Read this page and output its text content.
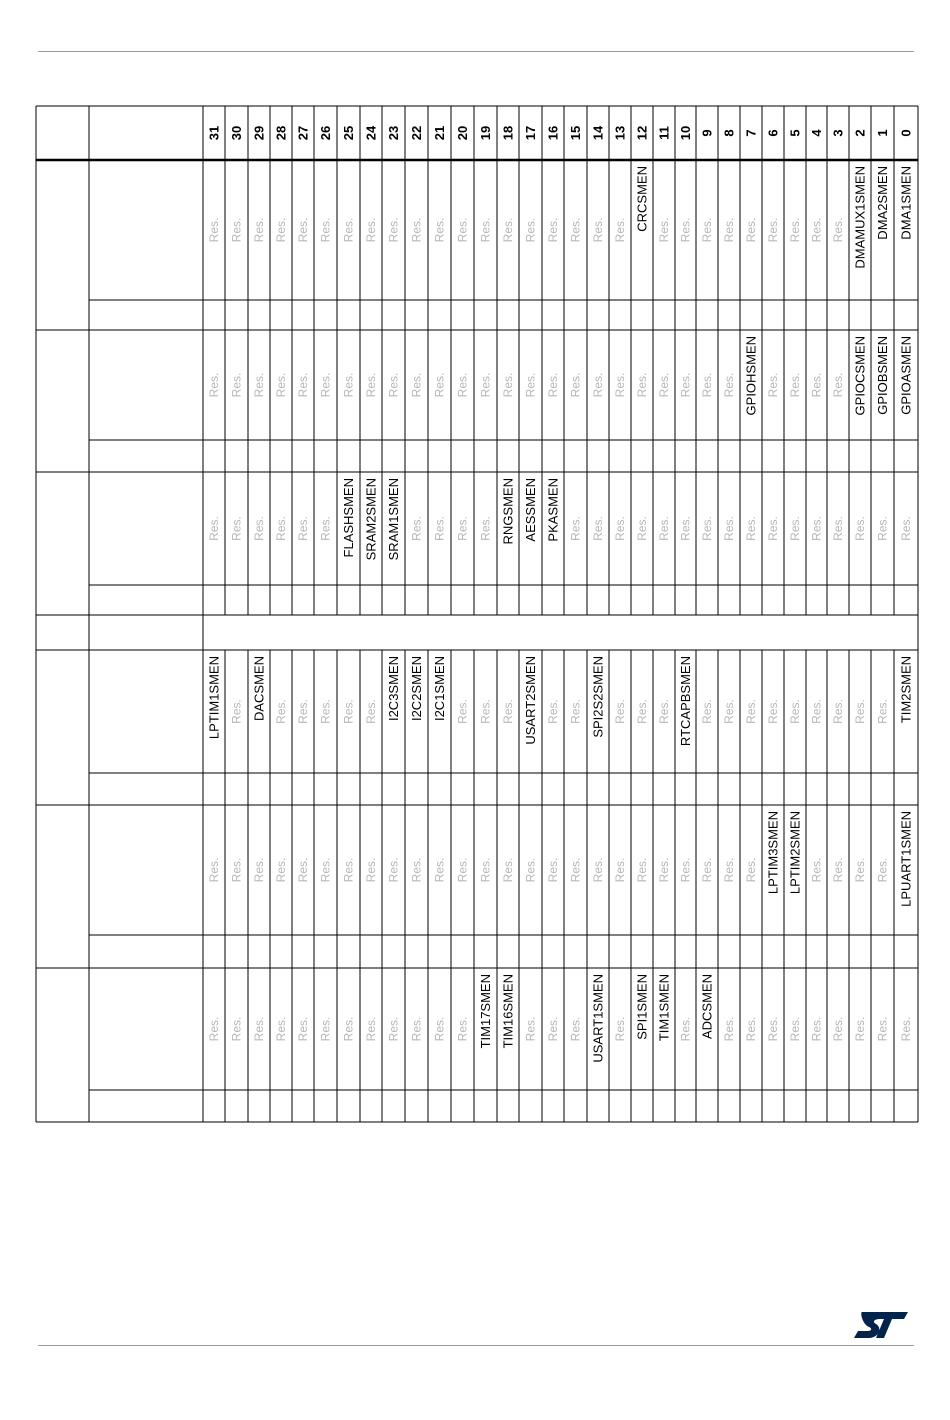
31 30 29 28 27 26 25 24 23 22 21 20 19 18 17 16 15 14 13 12 11 10 9 8 7 6 5 4 3 2 1 0
Res. Res. Res. Res. Res. Res. Res. Res. Res. Res. Res. Res. Res. Res. Res. Res. Res. Res. Res. CRCSMEN Res. Res. Res. Res. Res. Res. Res. Res. Res. DMAMUX1SMEN DMA2SMEN DMA1SMEN
Res. Res. Res. Res. Res. Res. Res. Res. Res. Res. Res. Res. Res. Res. Res. Res. Res. Res. Res. Res. Res. Res. Res. Res. GPIOHSMEN Res. Res. Res. Res. GPIOCSMEN GPIOBSMEN GPIOASMEN
Res. Res. Res. Res. Res. Res. FLASHSMEN SRAM2SMEN SRAM1SMEN Res. Res. Res. Res. RNGSMEN AESSMEN PKASMEN Res. Res. Res. Res. Res. Res. Res. Res. Res. Res. Res. Res. Res. Res. Res. Res.
LPTIM1SMEN Res. DACSMEN Res. Res. Res. Res. Res. I2C3SMEN I2C2SMEN I2C1SMEN Res. Res. Res. USART2SMEN Res. Res. SPI2S2SMEN Res. Res. Res. RTCAPBSMEN Res. Res. Res. Res. Res. Res. Res. Res. Res. TIM2SMEN
Res. Res. Res. Res. Res. Res. Res. Res. Res. Res. Res. Res. Res. Res. Res. Res. Res. Res. Res. Res. Res. Res. Res. Res. Res. LPTIM3SMEN LPTIM2SMEN Res. Res. Res. Res. LPUART1SMEN
Res. Res. Res. Res. Res. Res. Res. Res. Res. Res. Res. Res. TIM17SMEN TIM16SMEN Res. Res. Res. USART1SMEN Res. SPI1SMEN TIM1SMEN Res. ADCSMEN Res. Res. Res. Res. Res. Res. Res. Res. Res.
